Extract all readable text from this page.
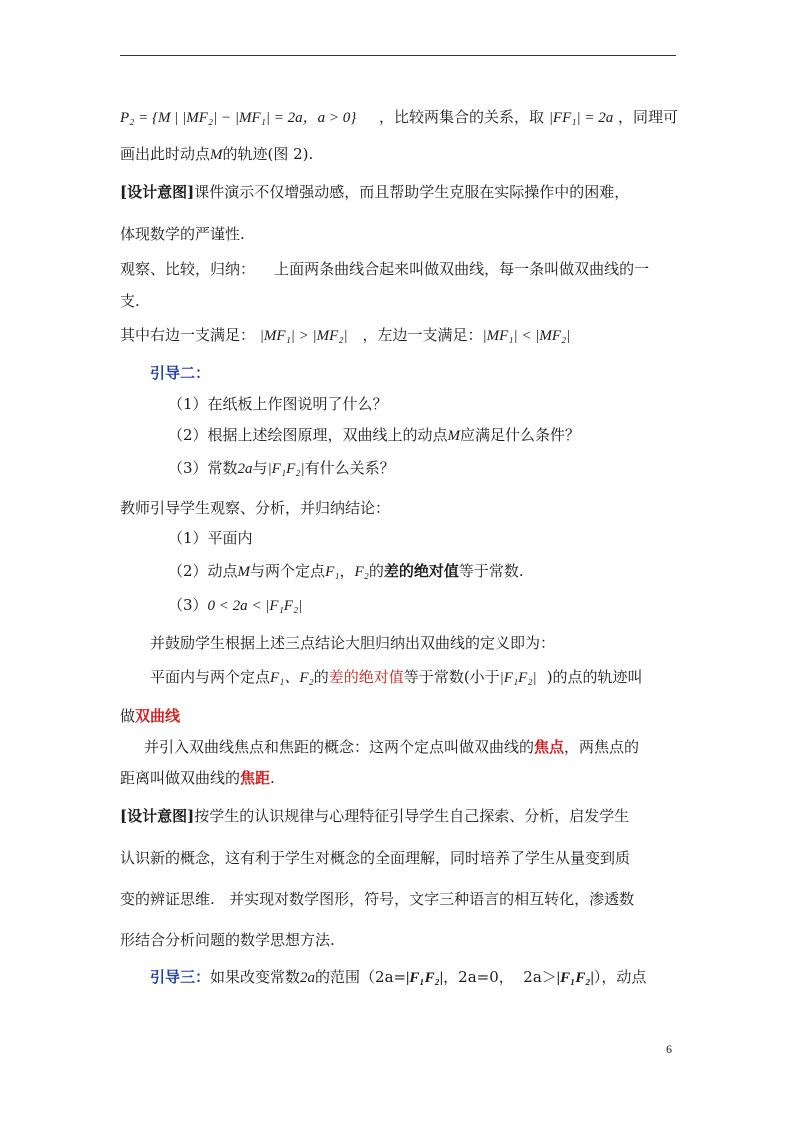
P₂ = {M | |MF₂| − |MF₁| = 2a，a > 0} ，比较两集合的关系，取 |FF₁| = 2a ，同理可
画出此时动点M的轨迹(图 2).
[设计意图]课件演示不仅增强动感，而且帮助学生克服在实际操作中的困难，
体现数学的严谨性.
观察、比较，归纳：    上面两条曲线合起来叫做双曲线，每一条叫做双曲线的一
支.
其中右边一支满足： |MF₁| > |MF₂| ，左边一支满足：|MF₁| < |MF₂|
引导二：
（1）在纸板上作图说明了什么？
（2）根据上述绘图原理，双曲线上的动点M应满足什么条件？
（3）常数2a与|F₁F₂|有什么关系？
教师引导学生观察、分析，并归纳结论：
（1）平面内
（2）动点M与两个定点F₁，F₂的差的绝对值等于常数.
（3）0 < 2a < |F₁F₂|
并鼓励学生根据上述三点结论大胆归纳出双曲线的定义即为：
平面内与两个定点F₁、F₂的差的绝对值等于常数(小于|F₁F₂| )的点的轨迹叫
做双曲线
并引入双曲线焦点和焦距的概念：这两个定点叫做双曲线的焦点，两焦点的
距离叫做双曲线的焦距.
[设计意图]按学生的认识规律与心理特征引导学生自己探索、分析，启发学生
认识新的概念，这有利于学生对概念的全面理解，同时培养了学生从量变到质
变的辨证思维.   并实现对数学图形，符号，文字三种语言的相互转化，渗透数
形结合分析问题的数学思想方法.
引导三：如果改变常数2a的范围（2a=|F₁F₂|，2a=0，  2a＞|F₁F₂|），动点
6
